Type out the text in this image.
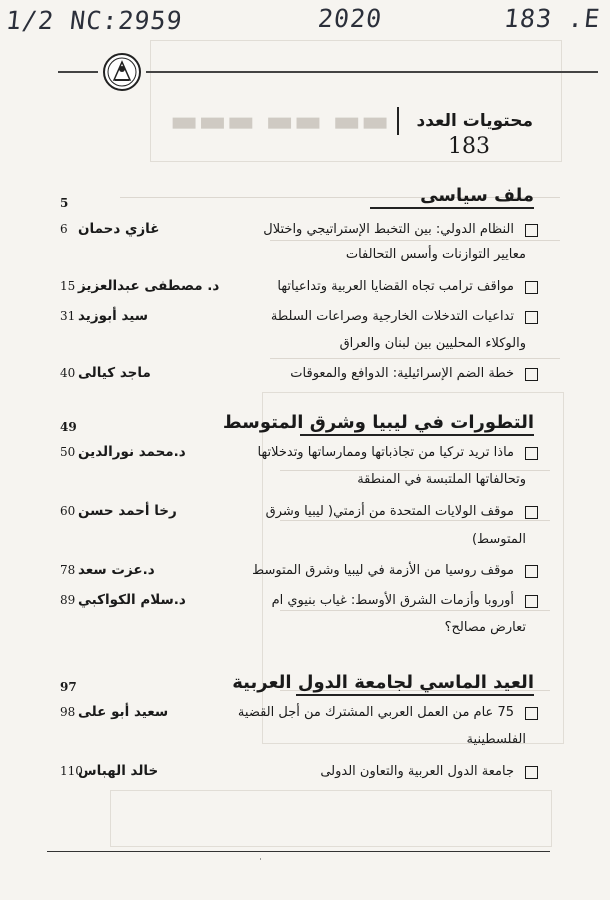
1/2 NC:2959	2020	183 .E
▬▬▬ ▬▬ ▬▬ محتويات العدد
183
ملف سياسى
5
النظام الدولي: بين التخبط الإستراتيجي واختلال
غازي دحمان
6
معايير التوازنات وأسس التحالفات
مواقف ترامب تجاه القضايا العربية وتداعياتها
د. مصطفى عبدالعزيز
15
تداعيات التدخلات الخارجية وصراعات السلطة
سيد أبوزيد
31
والوكلاء المحليين بين لبنان والعراق
خطة الضم الإسرائيلية: الدوافع والمعوقات
ماجد كيالى
40
التطورات في ليبيا وشرق المتوسط
49
ماذا تريد تركيا من تجاذباتها وممارساتها وتدخلاتها
د.محمد نورالدين
50
وتحالفاتها الملتبسة في المنطقة
موقف الولايات المتحدة من أزمتي( ليبيا وشرق
رخا أحمد حسن
60
المتوسط)
موقف روسيا من الأزمة في ليبيا وشرق المتوسط
د.عزت سعد
78
أوروبا وأزمات الشرق الأوسط: غياب بنيوي ام
د.سلام الكواكبي
89
تعارض مصالح؟
العيد الماسي لجامعة الدول العربية
97
75 عام من العمل العربي المشترك من أجل القضية
سعيد أبو على
98
الفلسطينية
جامعة الدول العربية والتعاون الدولى
خالد الهباس
110
˙
